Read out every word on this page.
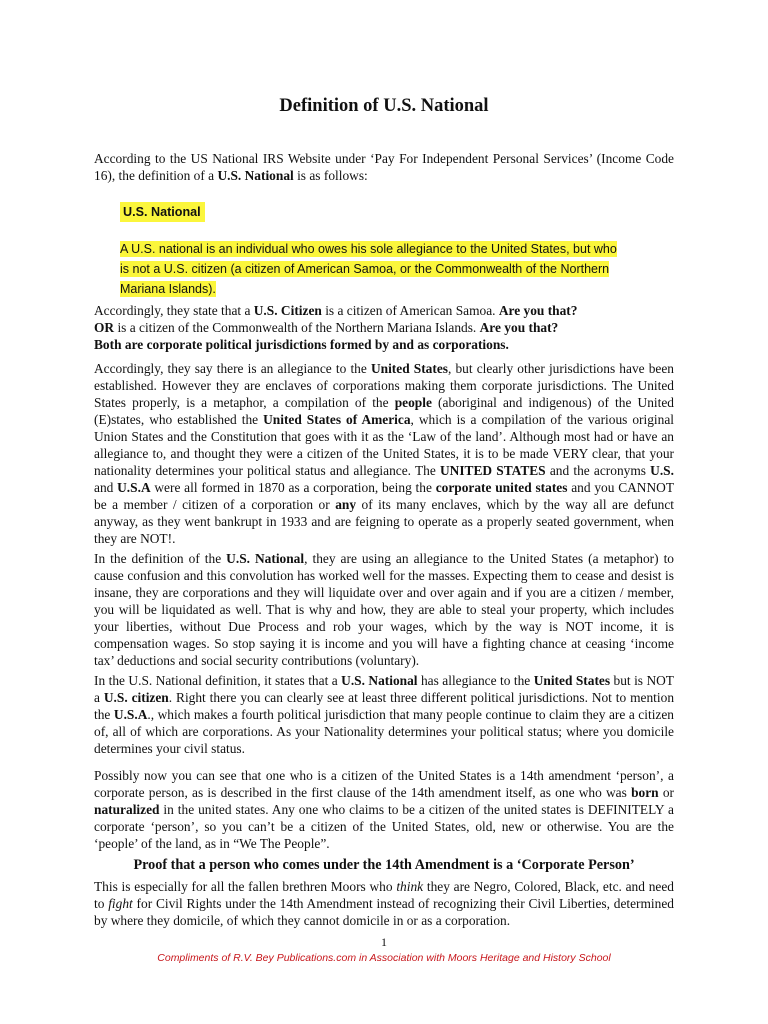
Definition of U.S. National

According to the US National IRS Website under ‘Pay For Independent Personal Services’ (Income Code 16), the definition of a U.S. National is as follows:

U.S. National
A U.S. national is an individual who owes his sole allegiance to the United States, but who is not a U.S. citizen (a citizen of American Samoa, or the Commonwealth of the Northern Mariana Islands).
Accordingly, they state that a U.S. Citizen is a citizen of American Samoa. Are you that?
OR is a citizen of the Commonwealth of the Northern Mariana Islands. Are you that?
Both are corporate political jurisdictions formed by and as corporations.

Accordingly, they say there is an allegiance to the United States, but clearly other jurisdictions have been established. However they are enclaves of corporations making them corporate jurisdictions. The United States properly, is a metaphor, a compilation of the people (aboriginal and indigenous) of the United (E)states, who established the United States of America, which is a compilation of the various original Union States and the Constitution that goes with it as the ‘Law of the land’. Although most had or have an allegiance to, and thought they were a citizen of the United States, it is to be made VERY clear, that your nationality determines your political status and allegiance. The UNITED STATES and the acronyms U.S. and U.S.A were all formed in 1870 as a corporation, being the corporate united states and you CANNOT be a member / citizen of a corporation or any of its many enclaves, which by the way all are defunct anyway, as they went bankrupt in 1933 and are feigning to operate as a properly seated government, when they are NOT!.

In the definition of the U.S. National, they are using an allegiance to the United States (a metaphor) to cause confusion and this convolution has worked well for the masses. Expecting them to cease and desist is insane, they are corporations and they will liquidate over and over again and if you are a citizen / member, you will be liquidated as well. That is why and how, they are able to steal your property, which includes your liberties, without Due Process and rob your wages, which by the way is NOT income, it is compensation wages. So stop saying it is income and you will have a fighting chance at ceasing ‘income tax’ deductions and social security contributions (voluntary).

In the U.S. National definition, it states that a U.S. National has allegiance to the United States but is NOT a U.S. citizen. Right there you can clearly see at least three different political jurisdictions. Not to mention the U.S.A., which makes a fourth political jurisdiction that many people continue to claim they are a citizen of, all of which are corporations. As your Nationality determines your political status; where you domicile determines your civil status.

Possibly now you can see that one who is a citizen of the United States is a 14th amendment ‘person’, a corporate person, as is described in the first clause of the 14th amendment itself, as one who was born or naturalized in the united states. Any one who claims to be a citizen of the united states is DEFINITELY a corporate ‘person’, so you can’t be a citizen of the United States, old, new or otherwise. You are the ‘people’ of the land, as in “We The People”.

Proof that a person who comes under the 14th Amendment is a ‘Corporate Person’

This is especially for all the fallen brethren Moors who think they are Negro, Colored, Black, etc. and need to fight for Civil Rights under the 14th Amendment instead of recognizing their Civil Liberties, determined by where they domicile, of which they cannot domicile in or as a corporation.

1
Compliments of R.V. Bey Publications.com in Association with Moors Heritage and History School
